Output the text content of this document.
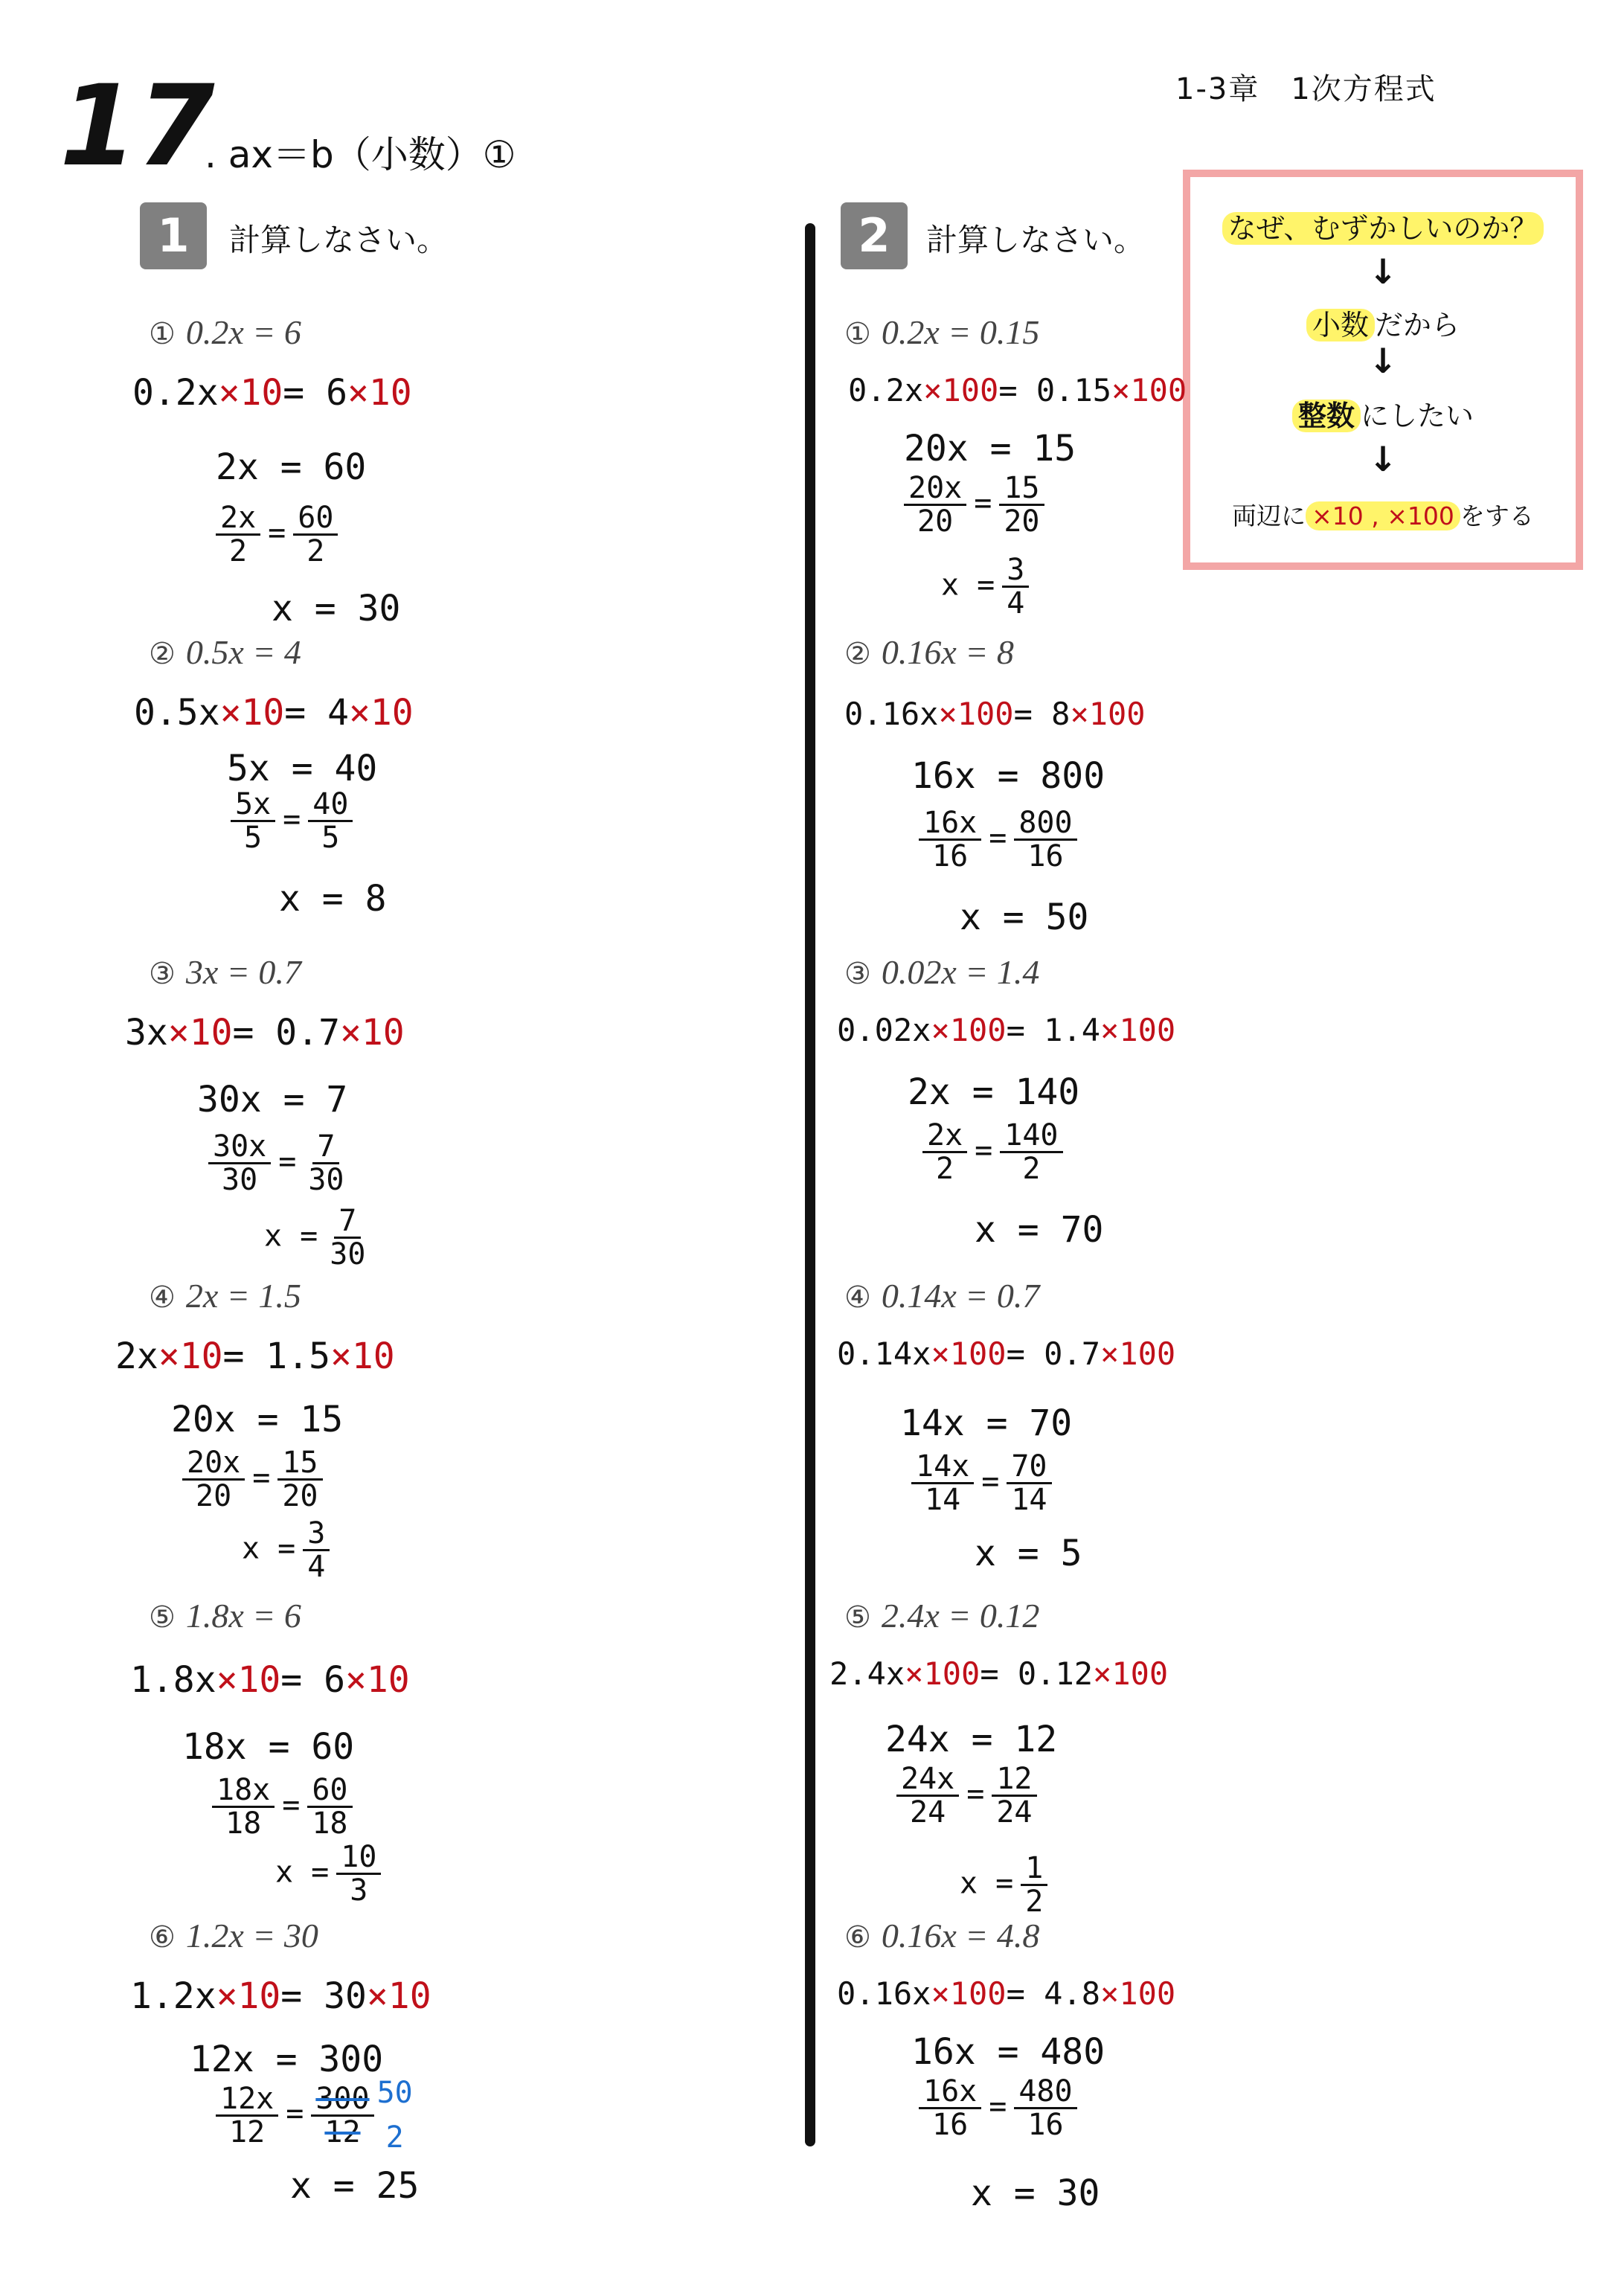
1-3章　1次方程式
17
. ax＝b（小数）①
1	計算しなさい。	2	計算しなさい。	なぜ、むずかしいのか？
↓
小数 だから
↓
整数 にしたい
↓
両辺に ×10 , ×100 をする
① 0.2x = 6
0.2x×10= 6×10
2x = 60
$\frac{2x}{2} = \frac{60}{2}$
x = 30
② 0.5x = 4
0.5x×10= 4×10
5x = 40
$\frac{5x}{5} = \frac{40}{5}$
x = 8
③ 3x = 0.7
3x×10= 0.7×10
30x = 7
$\frac{30x}{30} = \frac{7}{30}$
$x = \frac{7}{30}$
④ 2x = 1.5
2x×10= 1.5×10
20x = 15
$\frac{20x}{20} = \frac{15}{20}$
$x = \frac{3}{4}$
⑤ 1.8x = 6
1.8x×10= 6×10
18x = 60
$\frac{18x}{18} = \frac{60}{18}$
$x = \frac{10}{3}$
⑥ 1.2x = 30
1.2x×10= 30×10
12x = 300
$\frac{12x}{12} = \frac{300}{12} 50$
2
x = 25
① 0.2x = 0.15
0.2x×100= 0.15×100
20x = 15
$\frac{20x}{20} = \frac{15}{20}$
$x = \frac{3}{4}$
② 0.16x = 8
0.16x×100= 8×100
16x = 800
$\frac{16x}{16} = \frac{800}{16}$
x = 50
③ 0.02x = 1.4
0.02x×100= 1.4×100
2x = 140
$\frac{2x}{2} = \frac{140}{2}$
x = 70
④ 0.14x = 0.7
0.14x×100= 0.7×100
14x = 70
$\frac{14x}{14} = \frac{70}{14}$
x = 5
⑤ 2.4x = 0.12
2.4x×100= 0.12×100
24x = 12
$\frac{24x}{24} = \frac{12}{24}$
$x = \frac{1}{2}$
⑥ 0.16x = 4.8
0.16x×100= 4.8×100
16x = 480
$\frac{16x}{16} = \frac{480}{16}$
x = 30
